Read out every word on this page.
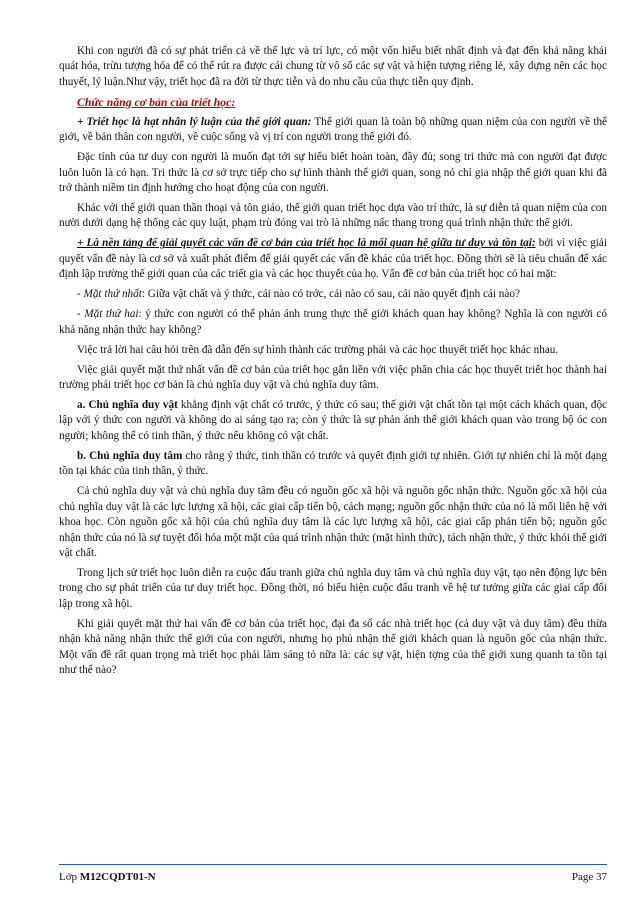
Khi con người đã có sự phát triển cả về thể lực và trí lực, có một vốn hiểu biết nhất định và đạt đến khả năng khái quát hóa, trừu tượng hóa để có thể rút ra được cái chung từ vô số các sự vật và hiện tượng riêng lẻ, xây dựng nên các học thuyết, lý luận.Như vậy, triết học đã ra đời từ thực tiễn và do nhu cầu của thực tiễn quy định.

Chức năng cơ bản của triết học:

+ Triết học là hạt nhân lý luận của thế giới quan: Thế giới quan là toàn bộ những quan niệm của con người về thế giới, về bản thân con người, về cuộc sống và vị trí con người trong thế giới đó.

Đặc tính của tư duy con người là muốn đạt tới sự hiểu biết hoàn toàn, đầy đủ; song tri thức mà con người đạt được luôn luôn là có hạn. Tri thức là cơ sở trực tiếp cho sự hình thành thế giới quan, song nó chỉ gia nhập thế giới quan khi đã trở thành niềm tin định hướng cho hoạt động của con người.

Khác với thế giới quan thần thoại và tôn giáo, thế giới quan triết học dựa vào trí thức, là sự diễn tả quan niệm của con nười dưới dạng hệ thống các quy luật, phạm trù đóng vai trò là những nấc thang trong quá trình nhận thức thế giới.

+ Là nền tảng để giải quyết các vấn đề cơ bản của triết học là mối quan hệ giữa tư duy và tồn tại: bởi vì việc giải quyết vấn đề này là cơ sở và xuất phát điểm để giải quyết các vấn đề khác của triết học. Đồng thời sẽ là tiêu chuẩn để xác định lập trường thế giới quan của các triết gia và các học thuyết của họ. Vấn đề cơ bản của triết học có hai mặt:

- Mặt thứ nhất: Giữa vật chất và ý thức, cái nào có trớc, cái nào có sau, cái nào quyết định cái nào?

- Mặt thứ hai: ý thức con người có thể phản ánh trung thực thế giới khách quan hay không? Nghĩa là con người có khả năng nhận thức hay không?

Việc trả lời hai câu hỏi trên đã dẫn đến sự hình thành các trường phái và các học thuyết triết học khác nhau.

Việc giải quyết mặt thứ nhất vấn đề cơ bản của triết học gắn liền với việc phân chia các học thuyết triết học thành hai trường phái triết học cơ bản là chủ nghĩa duy vật và chủ nghĩa duy tâm.

a. Chủ nghĩa duy vật khẳng định vật chất có trước, ý thức có sau; thế giới vật chất tồn tại một cách khách quan, độc lập với ý thức con người và không do ai sáng tạo ra; còn ý thức là sự phản ánh thế giới khách quan vào trong bộ óc con người; không thể có tinh thần, ý thức nếu không có vật chất.

b. Chủ nghĩa duy tâm cho rằng ý thức, tinh thần có trước và quyết định giới tự nhiên. Giới tự nhiên chỉ là một dạng tồn tại khác của tinh thần, ý thức.

Cả chủ nghĩa duy vật và chủ nghĩa duy tâm đều có nguồn gốc xã hội và nguồn gốc nhận thức. Nguồn gốc xã hội của chủ nghĩa duy vật là các lực lượng xã hội, các giai cấp tiến bộ, cách mạng; nguồn gốc nhận thức của nó là mối liên hệ với khoa học. Còn nguồn gốc xã hội của chủ nghĩa duy tâm là các lực lượng xã hội, các giai cấp phản tiến bộ; nguồn gốc nhận thức của nó là sự tuyệt đối hóa một mặt của quá trình nhận thức (mặt hình thức), tách nhận thức, ý thức khỏi thế giới vật chất.

Trong lịch sử triết học luôn diễn ra cuộc đấu tranh giữa chủ nghĩa duy tâm và chủ nghĩa duy vật, tạo nên động lực bên trong cho sự phát triển của tư duy triết học. Đồng thời, nó biểu hiện cuộc đấu tranh về hệ tư tưởng giữa các giai cấp đối lập trong xã hội.

Khi giải quyết mặt thứ hai vấn đề cơ bản của triết học, đại đa số các nhà triết học (cả duy vật và duy tâm) đều thừa nhận khả năng nhận thức thế giới của con người, nhưng họ phủ nhận thế giới khách quan là nguồn gốc của nhận thức. Một vấn đề rất quan trọng mà triết học phải làm sáng tỏ nữa là: các sự vật, hiện tợng của thế giới xung quanh ta tồn tại như thế nào?

Lớp M12CQDT01-N	Page 37
